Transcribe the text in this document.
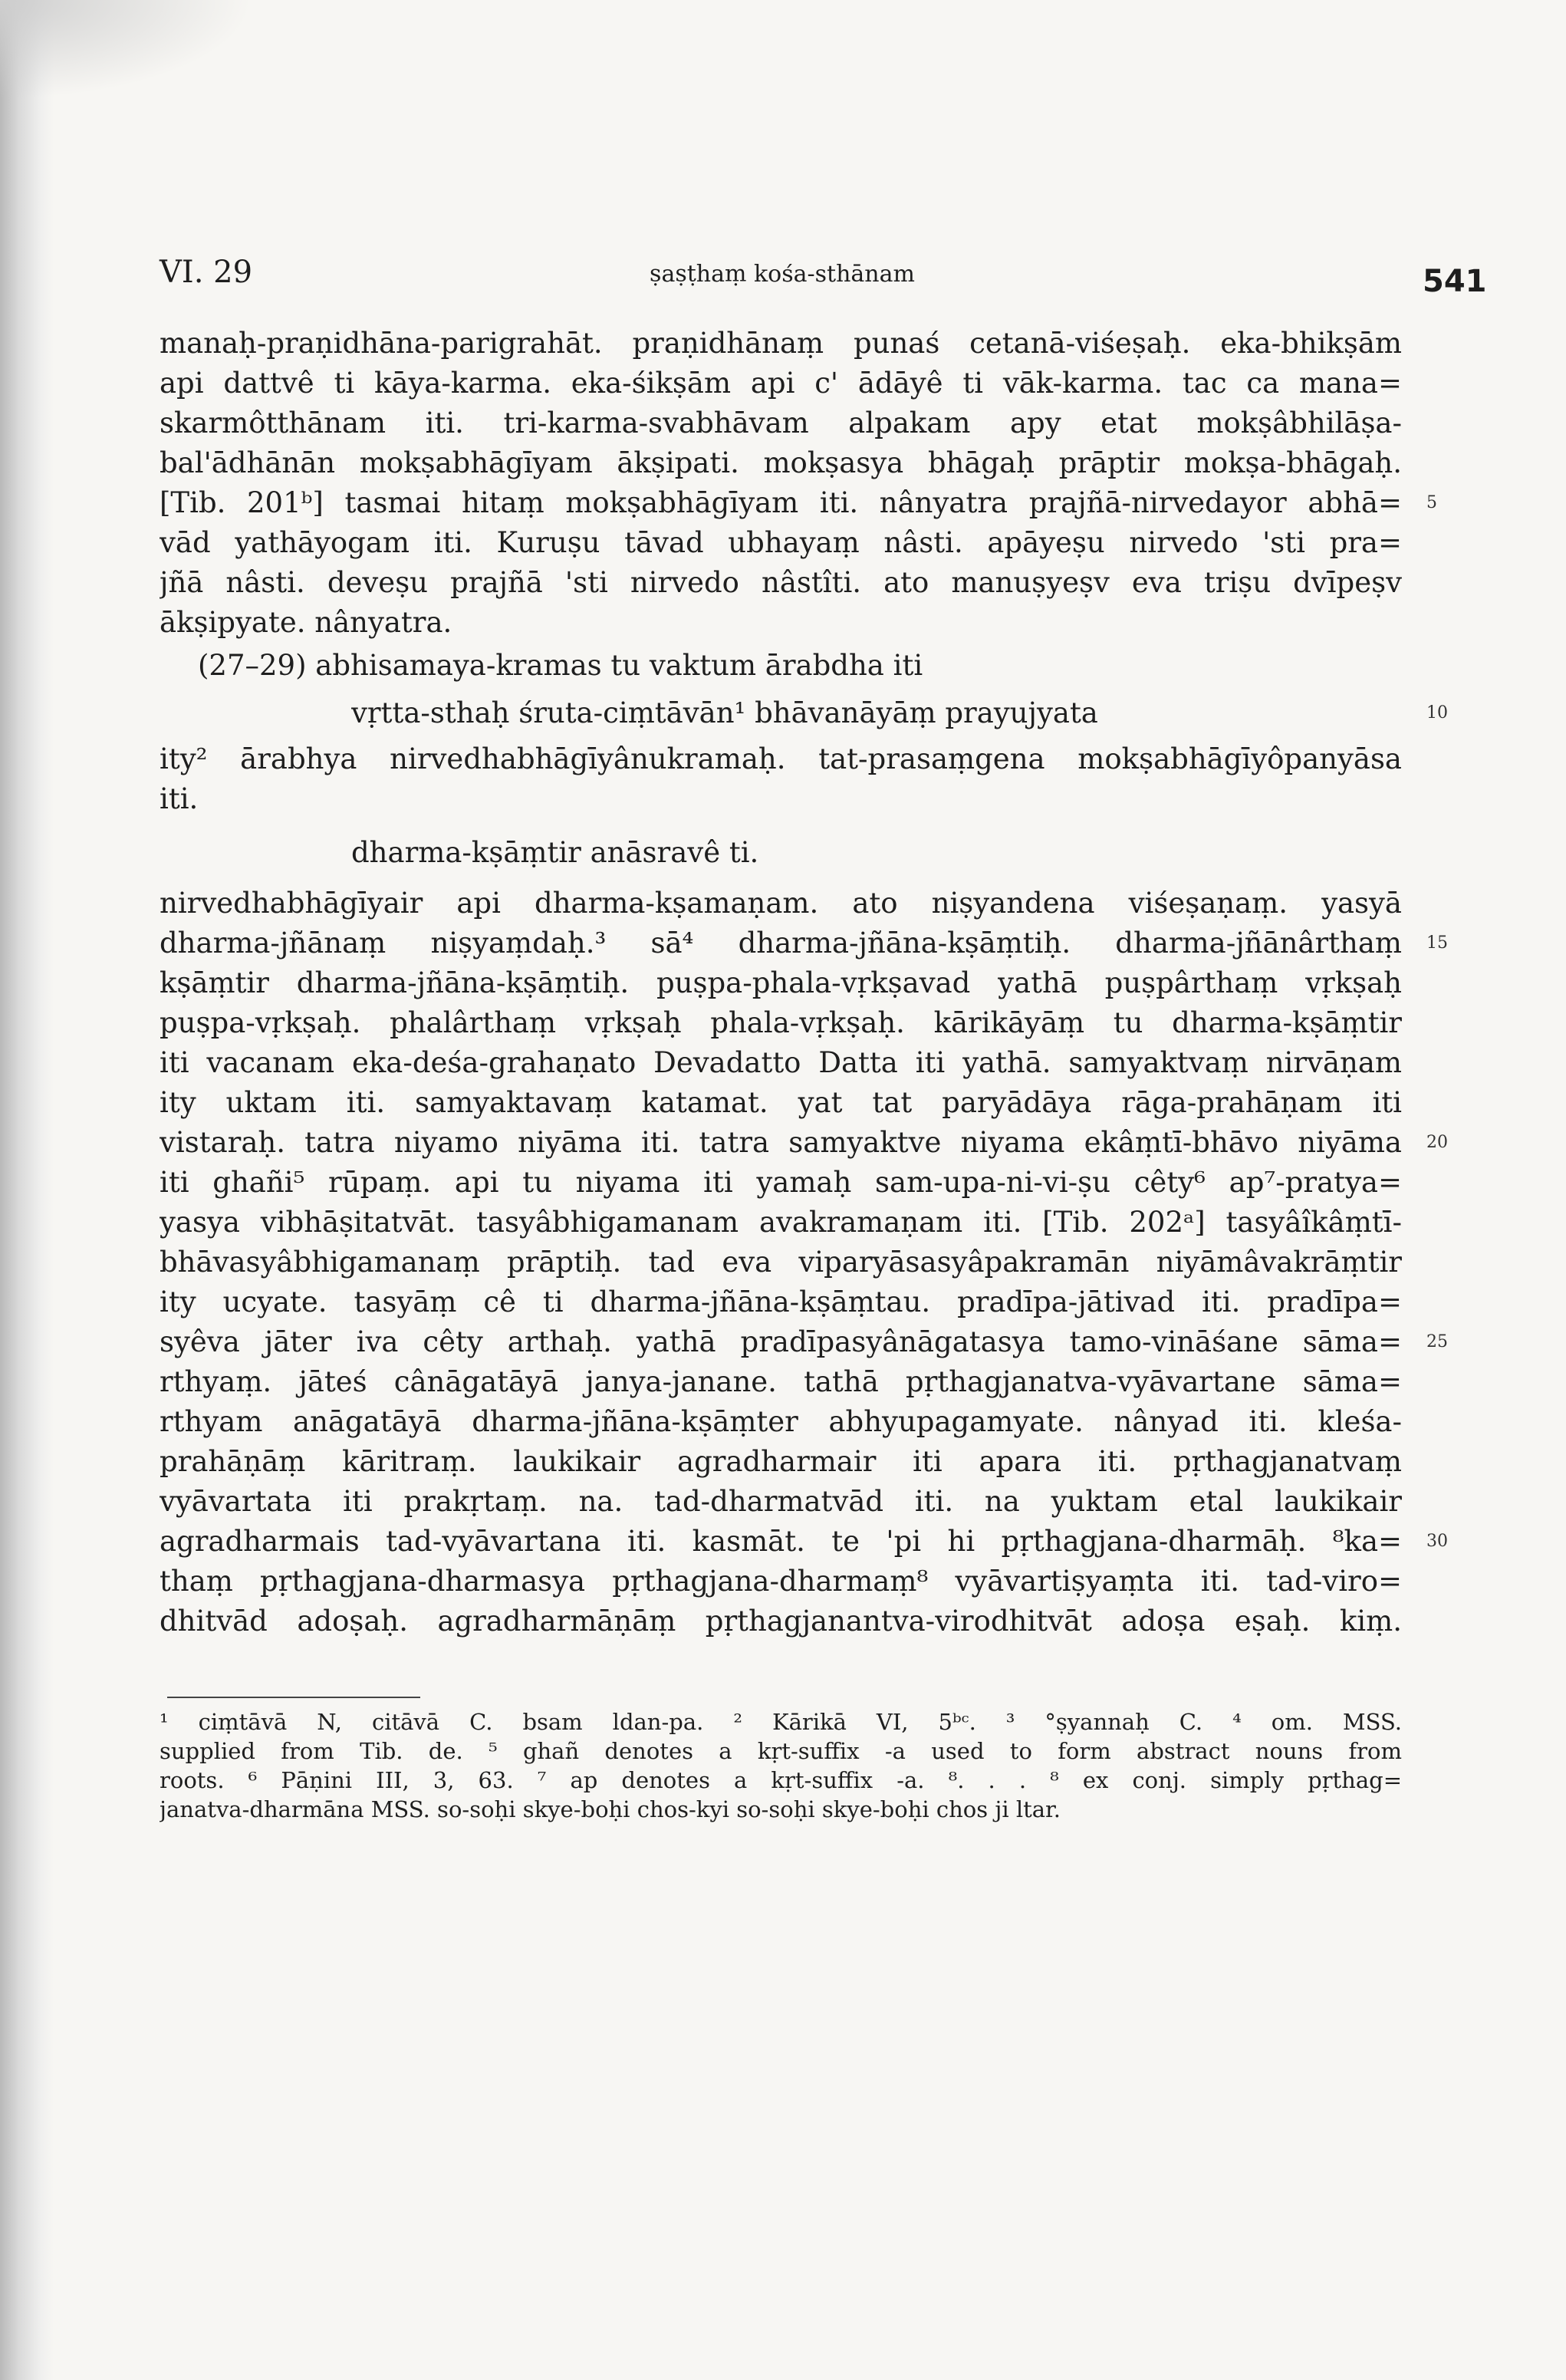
VI. 29	ṣaṣṭhaṃ kośa-sthānam	541
manaḥ-praṇidhāna-parigrahāt. praṇidhānaṃ punaś cetanā-viśeṣaḥ. eka-bhikṣām
api dattvê ti kāya-karma. eka-śikṣām api c' ādāyê ti vāk-karma. tac ca mana=
skarmôtthānam iti. tri-karma-svabhāvam alpakam apy etat mokṣâbhilāṣa-
bal'ādhānān mokṣabhāgīyam ākṣipati. mokṣasya bhāgaḥ prāptir mokṣa-bhāgaḥ.
[Tib. 201ᵇ] tasmai hitaṃ mokṣabhāgīyam iti. nânyatra prajñā-nirvedayor abhā=
vād yathāyogam iti. Kuruṣu tāvad ubhayaṃ nâsti. apāyeṣu nirvedo 'sti pra=
jñā nâsti. deveṣu prajñā 'sti nirvedo nâstîti. ato manuṣyeṣv eva triṣu dvīpeṣv
ākṣipyate. nânyatra.
(27–29) abhisamaya-kramas tu vaktum ārabdha iti
vṛtta-sthaḥ śruta-ciṃtāvān¹ bhāvanāyāṃ prayujyata
ity² ārabhya nirvedhabhāgīyânukramaḥ. tat-prasaṃgena mokṣabhāgīyôpanyāsa
iti.
dharma-kṣāṃtir anāsravê ti.
nirvedhabhāgīyair api dharma-kṣamaṇam. ato niṣyandena viśeṣaṇaṃ. yasyā
dharma-jñānaṃ niṣyaṃdaḥ.³ sā⁴ dharma-jñāna-kṣāṃtiḥ. dharma-jñānârthaṃ
kṣāṃtir dharma-jñāna-kṣāṃtiḥ. puṣpa-phala-vṛkṣavad yathā puṣpârthaṃ vṛkṣaḥ
puṣpa-vṛkṣaḥ. phalârthaṃ vṛkṣaḥ phala-vṛkṣaḥ. kārikāyāṃ tu dharma-kṣāṃtir
iti vacanam eka-deśa-grahaṇato Devadatto Datta iti yathā. samyaktvaṃ nirvāṇam
ity uktam iti. samyaktavaṃ katamat. yat tat paryādāya rāga-prahāṇam iti
vistaraḥ. tatra niyamo niyāma iti. tatra samyaktve niyama ekâṃtī-bhāvo niyāma
iti ghañi⁵ rūpaṃ. api tu niyama iti yamaḥ sam-upa-ni-vi-ṣu cêty⁶ ap⁷-pratya=
yasya vibhāṣitatvāt. tasyâbhigamanam avakramaṇam iti. [Tib. 202ᵃ] tasyâîkâṃtī-
bhāvasyâbhigamanaṃ prāptiḥ. tad eva viparyāsasyâpakramān niyāmâvakrāṃtir
ity ucyate. tasyāṃ cê ti dharma-jñāna-kṣāṃtau. pradīpa-jātivad iti. pradīpa=
syêva jāter iva cêty arthaḥ. yathā pradīpasyânāgatasya tamo-vināśane sāma=
rthyaṃ. jāteś cânāgatāyā janya-janane. tathā pṛthagjanatva-vyāvartane sāma=
rthyam anāgatāyā dharma-jñāna-kṣāṃter abhyupagamyate. nânyad iti. kleśa-
prahāṇāṃ kāritraṃ. laukikair agradharmair iti apara iti. pṛthagjanatvaṃ
vyāvartata iti prakṛtaṃ. na. tad-dharmatvād iti. na yuktam etal laukikair
agradharmais tad-vyāvartana iti. kasmāt. te 'pi hi pṛthagjana-dharmāḥ. ⁸ka=
thaṃ pṛthagjana-dharmasya pṛthagjana-dharmaṃ⁸ vyāvartiṣyaṃta iti. tad-viro=
dhitvād adoṣaḥ. agradharmāṇāṃ pṛthagjanantva-virodhitvāt adoṣa eṣaḥ. kiṃ.
5
10
15
20
25
30
¹ ciṃtāvā N, citāvā C. bsam ldan-pa. ² Kārikā VI, 5ᵇᶜ. ³ °ṣyannaḥ C. ⁴ om. MSS.
supplied from Tib. de. ⁵ ghañ denotes a kṛt-suffix -a used to form abstract nouns from
roots. ⁶ Pāṇini III, 3, 63. ⁷ ap denotes a kṛt-suffix -a. ⁸. . . ⁸ ex conj. simply pṛthag=
janatva-dharmāna MSS. so-soḥi skye-boḥi chos-kyi so-soḥi skye-boḥi chos ji ltar.
